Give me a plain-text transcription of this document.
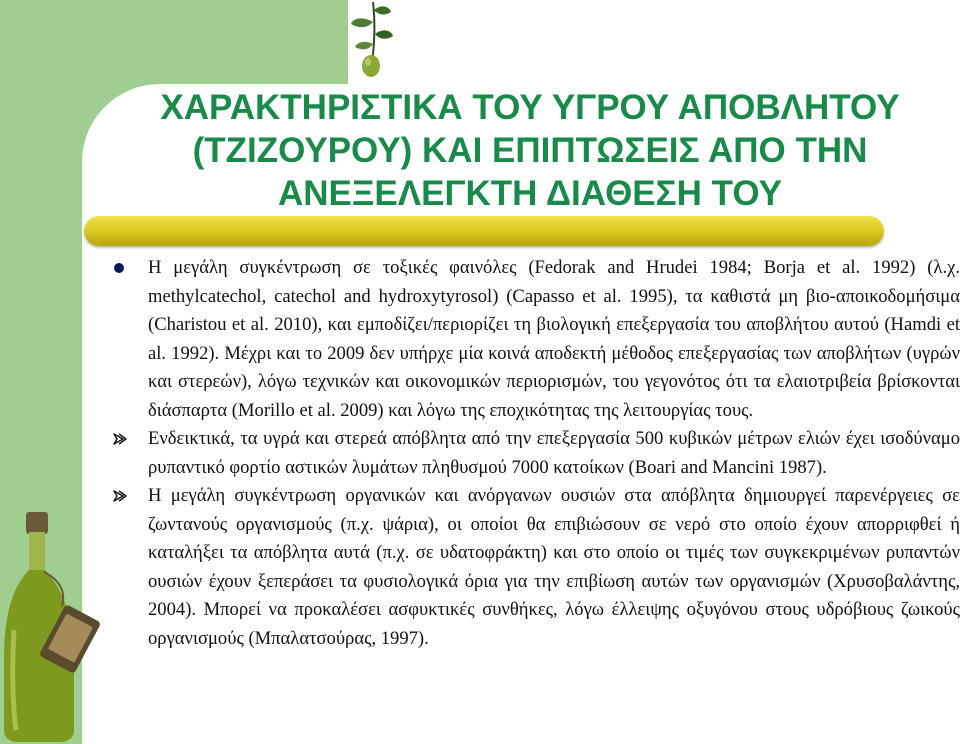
ΧΑΡΑΚΤΗΡΙΣΤΙΚΑ ΤΟΥ ΥΓΡΟΥ ΑΠΟΒΛΗΤΟΥ
(ΤΖΙΖΟΥΡΟΥ) ΚΑΙ ΕΠΙΠΤΩΣΕΙΣ ΑΠΟ ΤΗΝ
ΑΝΕΞΕΛΕΓΚΤΗ ΔΙΑΘΕΣΗ ΤΟΥ
Η μεγάλη συγκέντρωση σε τοξικές φαινόλες (Fedorak and Hrudei 1984; Borja et al. 1992) (λ.χ. methylcatechol, catechol and hydroxytyrosol) (Capasso et al. 1995), τα καθιστά μη βιο-αποικοδομήσιμα (Charistou et al. 2010), και εμποδίζει/περιορίζει τη βιολογική επεξεργασία του αποβλήτου αυτού (Hamdi et al. 1992). Μέχρι και το 2009 δεν υπήρχε μία κοινά αποδεκτή μέθοδος επεξεργασίας των αποβλήτων (υγρών και στερεών), λόγω τεχνικών και οικονομικών περιορισμών, του γεγονότος ότι τα ελαιοτριβεία βρίσκονται διάσπαρτα (Morillo et al. 2009) και λόγω της εποχικότητας της λειτουργίας τους.
Ενδεικτικά, τα υγρά και στερεά απόβλητα από την επεξεργασία 500 κυβικών μέτρων ελιών έχει ισοδύναμο ρυπαντικό φορτίο αστικών λυμάτων πληθυσμού 7000 κατοίκων (Boari and Mancini 1987).
Η μεγάλη συγκέντρωση οργανικών και ανόργανων ουσιών στα απόβλητα δημιουργεί παρενέργειες σε ζωντανούς οργανισμούς (π.χ. ψάρια), οι οποίοι θα επιβιώσουν σε νερό στο οποίο έχουν απορριφθεί ή καταλήξει τα απόβλητα αυτά (π.χ. σε υδατοφράκτη) και στο οποίο οι τιμές των συγκεκριμένων ρυπαντών ουσιών έχουν ξεπεράσει τα φυσιολογικά όρια για την επιβίωση αυτών των οργανισμών (Χρυσοβαλάντης, 2004). Μπορεί να προκαλέσει ασφυκτικές συνθήκες, λόγω έλλειψης οξυγόνου στους υδρόβιους ζωικούς οργανισμούς (Μπαλατσούρας, 1997).
